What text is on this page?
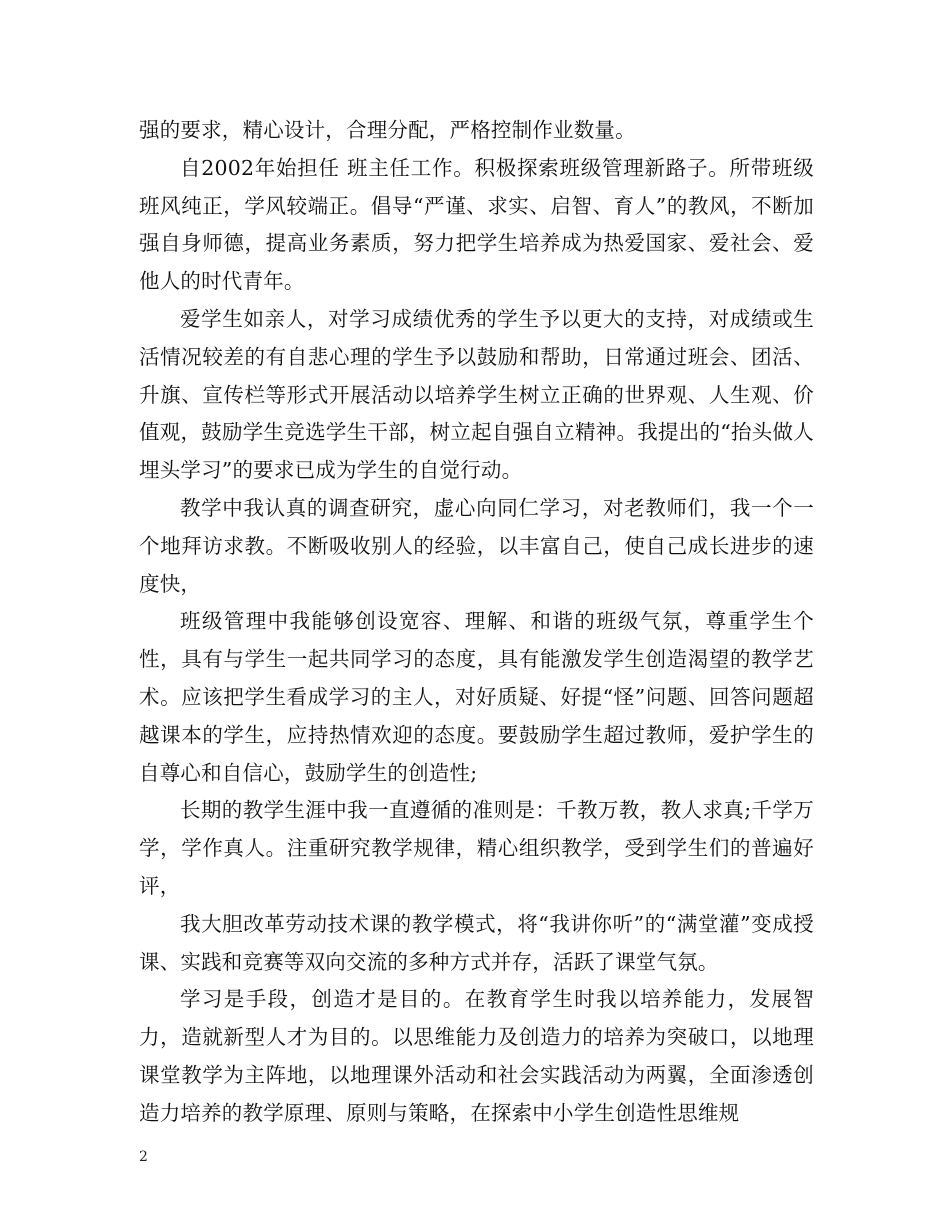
强的要求，精心设计，合理分配，严格控制作业数量。

自2002年始担任 班主任工作。积极探索班级管理新路子。所带班级班风纯正，学风较端正。倡导“严谨、求实、启智、育人”的教风，不断加强自身师德，提高业务素质，努力把学生培养成为热爱国家、爱社会、爱他人的时代青年。

爱学生如亲人，对学习成绩优秀的学生予以更大的支持，对成绩或生活情况较差的有自悲心理的学生予以鼓励和帮助，日常通过班会、团活、升旗、宣传栏等形式开展活动以培养学生树立正确的世界观、人生观、价值观，鼓励学生竞选学生干部，树立起自强自立精神。我提出的“抬头做人埋头学习”的要求已成为学生的自觉行动。

教学中我认真的调查研究，虚心向同仁学习，对老教师们，我一个一个地拜访求教。不断吸收别人的经验，以丰富自己，使自己成长进步的速度快，

班级管理中我能够创设宽容、理解、和谐的班级气氛，尊重学生个性，具有与学生一起共同学习的态度，具有能激发学生创造渴望的教学艺术。应该把学生看成学习的主人，对好质疑、好提“怪”问题、回答问题超越课本的学生，应持热情欢迎的态度。要鼓励学生超过教师，爱护学生的自尊心和自信心，鼓励学生的创造性;

长期的教学生涯中我一直遵循的准则是：千教万教，教人求真;千学万学，学作真人。注重研究教学规律，精心组织教学，受到学生们的普遍好评，

我大胆改革劳动技术课的教学模式，将“我讲你听”的“满堂灌”变成授课、实践和竞赛等双向交流的多种方式并存，活跃了课堂气氛。

学习是手段，创造才是目的。在教育学生时我以培养能力，发展智力，造就新型人才为目的。以思维能力及创造力的培养为突破口，以地理课堂教学为主阵地，以地理课外活动和社会实践活动为两翼，全面渗透创造力培养的教学原理、原则与策略，在探索中小学生创造性思维规

2
